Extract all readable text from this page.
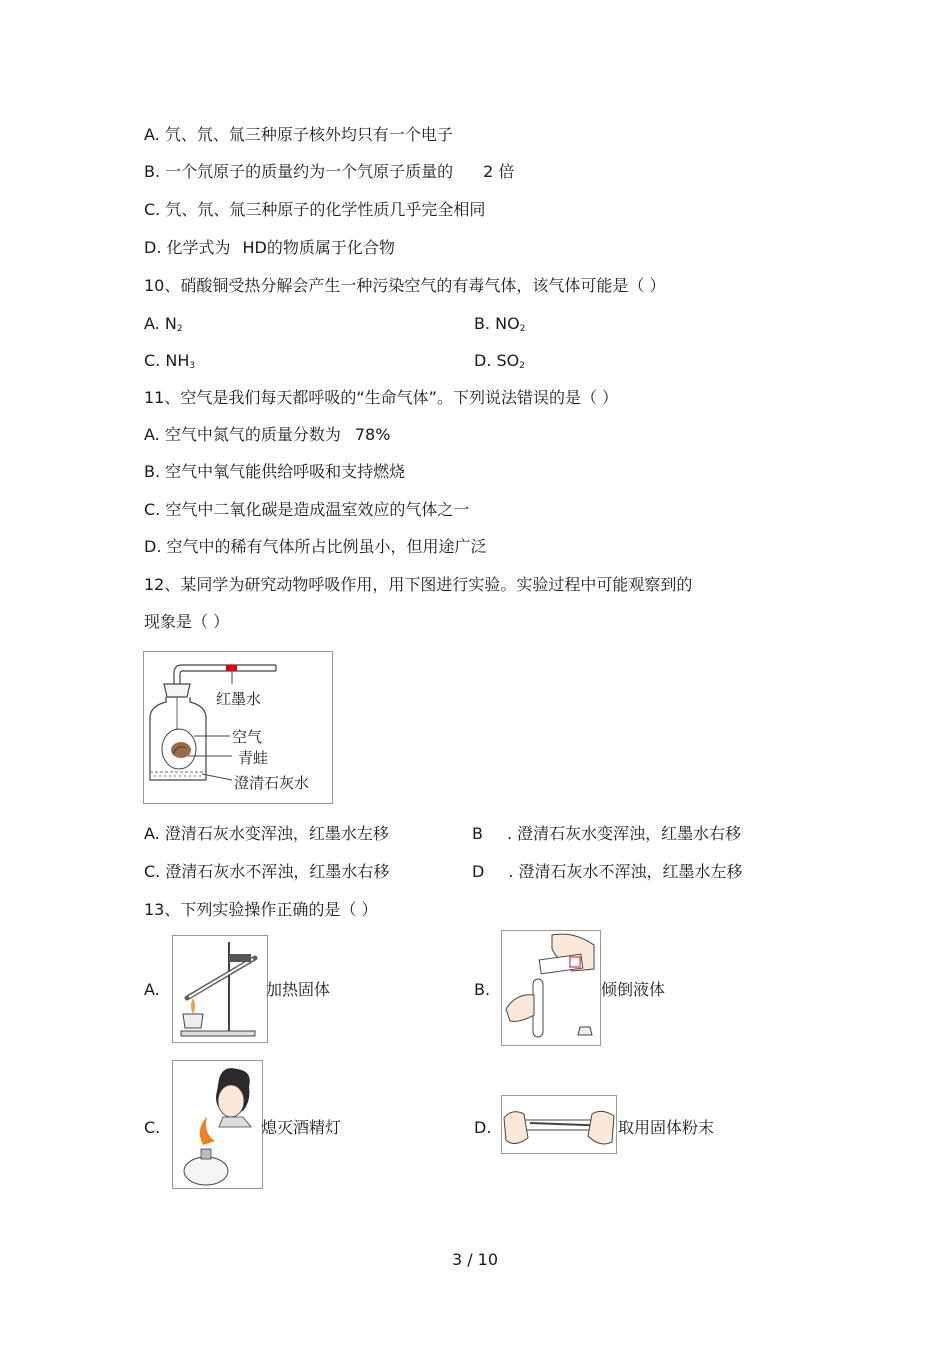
A. 氕、氘、氚三种原子核外均只有一个电子
B. 一个氘原子的质量约为一个氕原子质量的 2 倍
C. 氕、氘、氚三种原子的化学性质几乎完全相同
D. 化学式为 HD的物质属于化合物
10、硝酸铜受热分解会产生一种污染空气的有毒气体，该气体可能是（ ）
A. $N_2$	B. $NO_2$
C. $NH_3$	D. $SO_2$
11、空气是我们每天都呼吸的“生命气体”。下列说法错误的是（ ）
A. 空气中氮气的质量分数为 78%
B. 空气中氧气能供给呼吸和支持燃烧
C. 空气中二氧化碳是造成温室效应的气体之一
D. 空气中的稀有气体所占比例虽小，但用途广泛
12、某同学为研究动物呼吸作用，用下图进行实验。实验过程中可能观察到的
现象是（ ）
红墨水
空气
青蛙
澄清石灰水
A. 澄清石灰水变浑浊，红墨水左移	B . 澄清石灰水变浑浊，红墨水右移
C. 澄清石灰水不浑浊，红墨水右移	D . 澄清石灰水不浑浊，红墨水左移
13、下列实验操作正确的是（ ）
A.	加热固体	B.	倾倒液体
C.	熄灭酒精灯	D.	取用固体粉末
3 / 10
